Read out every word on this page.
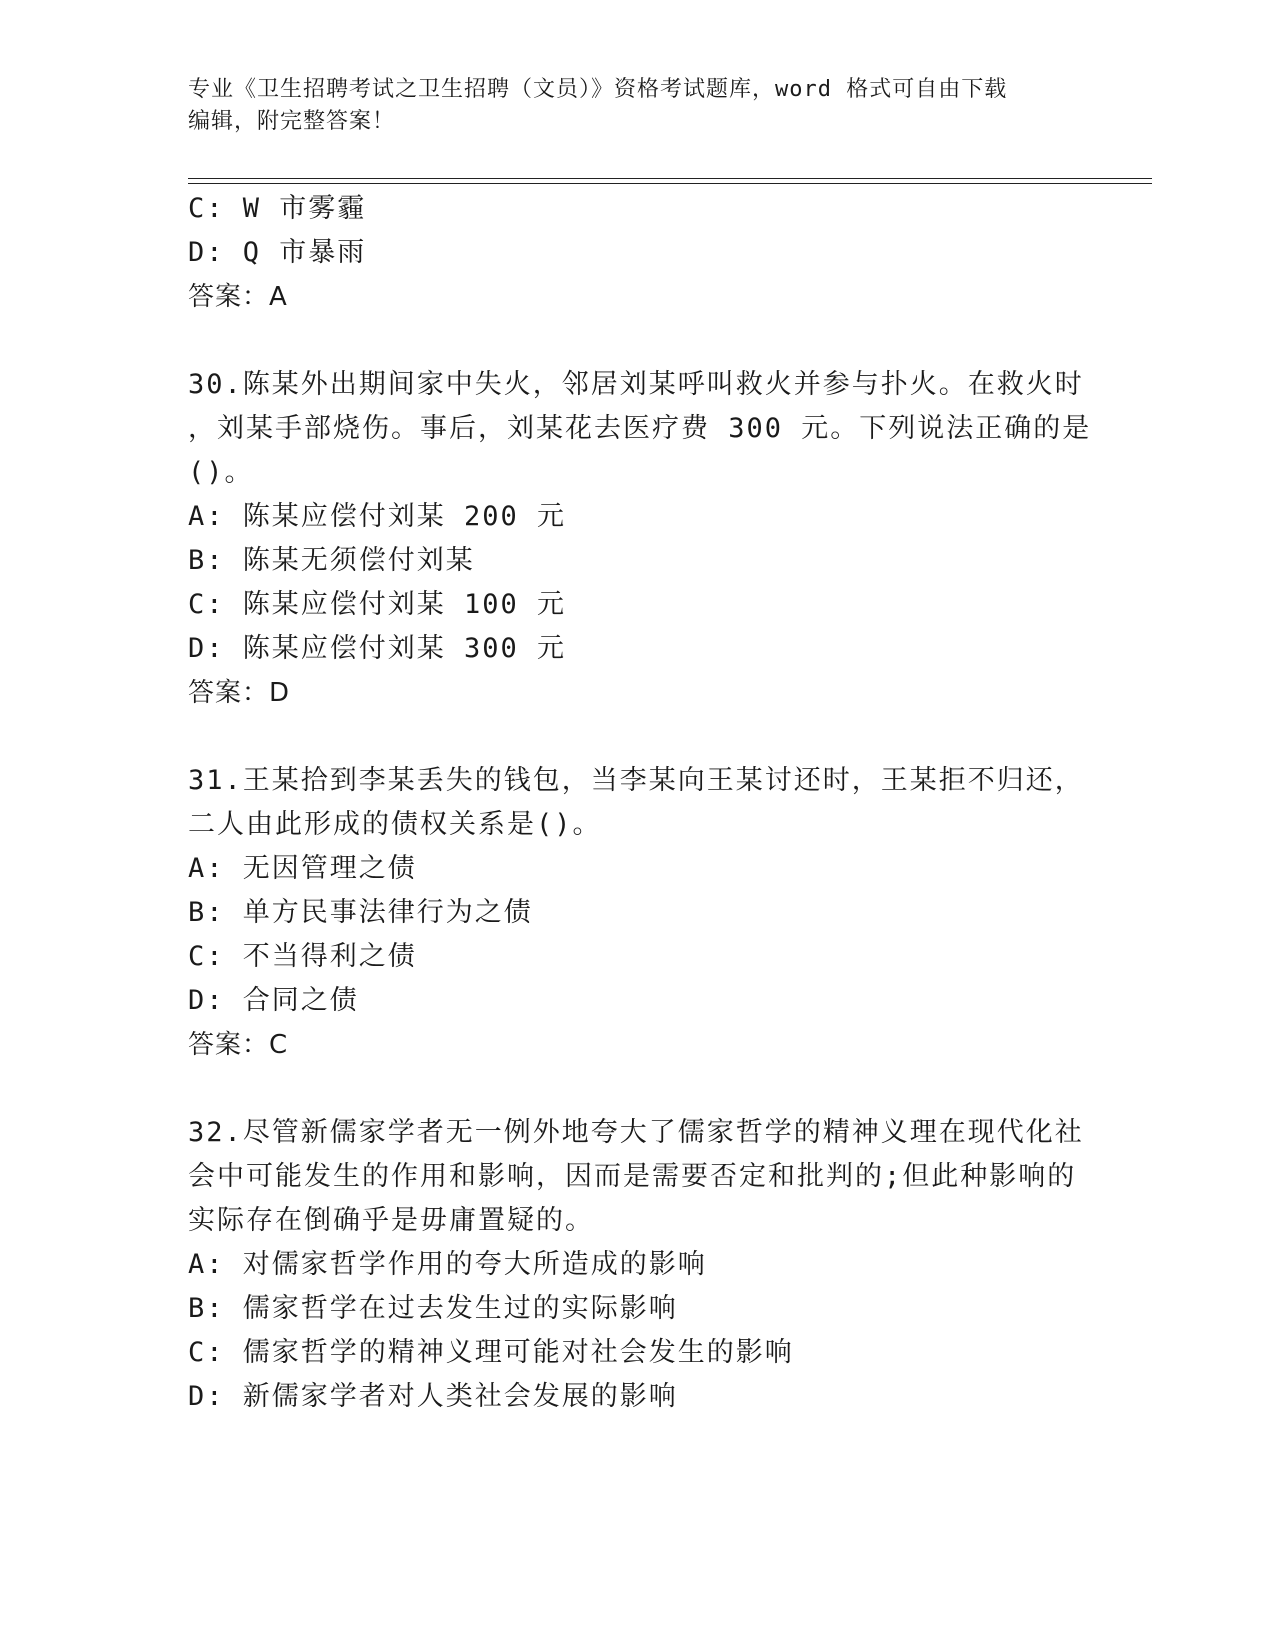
专业《卫生招聘考试之卫生招聘（文员）》资格考试题库，word 格式可自由下载
编辑，附完整答案！
C: W 市雾霾
D: Q 市暴雨
答案：A
30.陈某外出期间家中失火，邻居刘某呼叫救火并参与扑火。在救火时
，刘某手部烧伤。事后，刘某花去医疗费 300 元。下列说法正确的是
()。
A: 陈某应偿付刘某 200 元
B: 陈某无须偿付刘某
C: 陈某应偿付刘某 100 元
D: 陈某应偿付刘某 300 元
答案：D
31.王某拾到李某丢失的钱包，当李某向王某讨还时，王某拒不归还，
二人由此形成的债权关系是()。
A: 无因管理之债
B: 单方民事法律行为之债
C: 不当得利之债
D: 合同之债
答案：C
32.尽管新儒家学者无一例外地夸大了儒家哲学的精神义理在现代化社
会中可能发生的作用和影响，因而是需要否定和批判的;但此种影响的
实际存在倒确乎是毋庸置疑的。
A: 对儒家哲学作用的夸大所造成的影响
B: 儒家哲学在过去发生过的实际影响
C: 儒家哲学的精神义理可能对社会发生的影响
D: 新儒家学者对人类社会发展的影响
